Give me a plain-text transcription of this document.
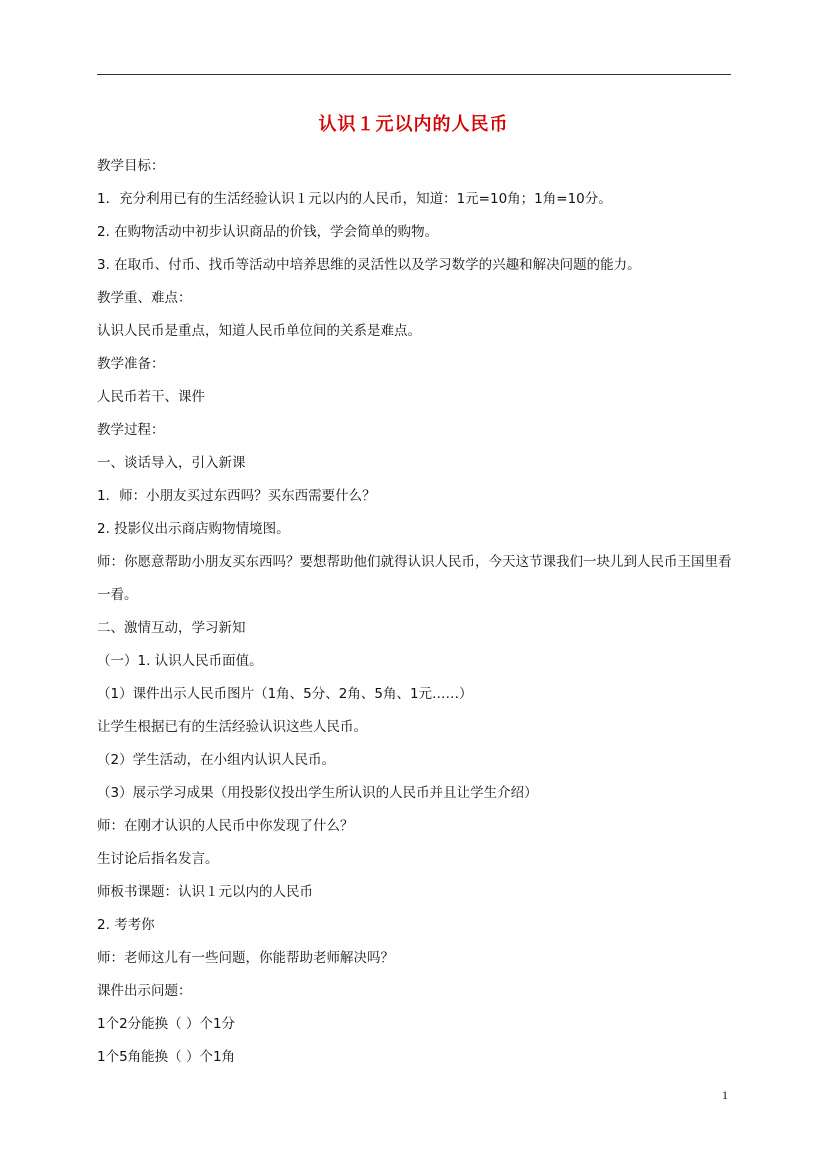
认识１元以内的人民币
教学目标：
1．充分利用已有的生活经验认识１元以内的人民币，知道：1元=10角；1角=10分。
2. 在购物活动中初步认识商品的价钱，学会简单的购物。
3. 在取币、付币、找币等活动中培养思维的灵活性以及学习数学的兴趣和解决问题的能力。
教学重、难点：
认识人民币是重点，知道人民币单位间的关系是难点。
教学准备：
人民币若干、课件
教学过程：
一、谈话导入，引入新课
1．师：小朋友买过东西吗？买东西需要什么？
2. 投影仪出示商店购物情境图。
师：你愿意帮助小朋友买东西吗？要想帮助他们就得认识人民币，今天这节课我们一块儿到人民币王国里看一看。
二、激情互动，学习新知
（一）1. 认识人民币面值。
（1）课件出示人民币图片（1角、5分、2角、5角、1元……）
让学生根据已有的生活经验认识这些人民币。
（2）学生活动，在小组内认识人民币。
（3）展示学习成果（用投影仪投出学生所认识的人民币并且让学生介绍）
师：在刚才认识的人民币中你发现了什么？
生讨论后指名发言。
师板书课题：认识１元以内的人民币
2. 考考你
师：老师这儿有一些问题，你能帮助老师解决吗？
课件出示问题：
1个2分能换（ ）个1分
1个5角能换（ ）个1角
1
